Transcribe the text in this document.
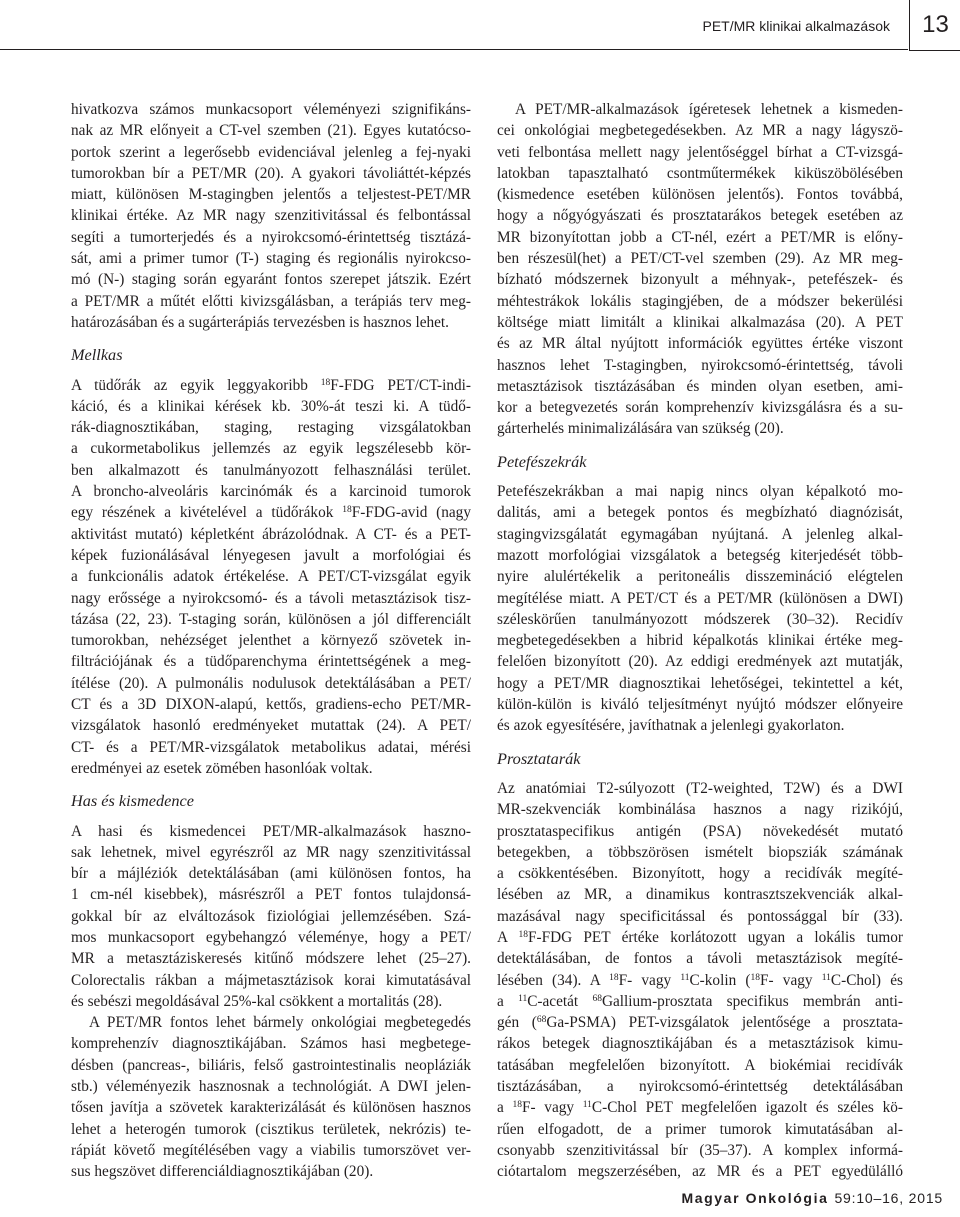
PET/MR klinikai alkalmazások 13
hivatkozva számos munkacsoport véleményezi szignifikáns-
nak az MR előnyeit a CT-vel szemben (21). Egyes kutatócso-
portok szerint a legerősebb evidenciával jelenleg a fej-nyaki
tumorokban bír a PET/MR (20). A gyakori távoliáttét-képzés
miatt, különösen M-stagingben jelentős a teljestest-PET/MR
klinikai értéke. Az MR nagy szenzitivitással és felbontással
segíti a tumorterjedés és a nyirokcsomó-érintettség tisztázá-
sát, ami a primer tumor (T-) staging és regionális nyirokcso-
mó (N-) staging során egyaránt fontos szerepet játszik. Ezért
a PET/MR a műtét előtti kivizsgálásban, a terápiás terv meg-
határozásában és a sugárterápiás tervezésben is hasznos lehet.
Mellkas
A tüdőrák az egyik leggyakoribb $^{18}$F-FDG PET/CT-indi-
káció, és a klinikai kérések kb. 30%-át teszi ki. A tüdő-
rák-diagnosztikában, staging, restaging vizsgálatokban
a cukormetabolikus jellemzés az egyik legszélesebb kör-
ben alkalmazott és tanulmányozott felhasználási terület.
A broncho-alveoláris karcinómák és a karcinoid tumorok
egy részének a kivételével a tüdőrákok $^{18}$F-FDG-avid (nagy
aktivitást mutató) képletként ábrázolódnak. A CT- és a PET-
képek fuzionálásával lényegesen javult a morfológiai és
a funkcionális adatok értékelése. A PET/CT-vizsgálat egyik
nagy erőssége a nyirokcsomó- és a távoli metasztázisok tisz-
tázása (22, 23). T-staging során, különösen a jól differenciált
tumorokban, nehézséget jelenthet a környező szövetek in-
filtrációjának és a tüdőparenchyma érintettségének a meg-
ítélése (20). A pulmonális nodulusok detektálásában a PET/
CT és a 3D DIXON-alapú, kettős, gradiens-echo PET/MR-
vizsgálatok hasonló eredményeket mutattak (24). A PET/
CT- és a PET/MR-vizsgálatok metabolikus adatai, mérési
eredményei az esetek zömében hasonlóak voltak.
Has és kismedence
A hasi és kismedencei PET/MR-alkalmazások haszno-
sak lehetnek, mivel egyrészről az MR nagy szenzitivitással
bír a májléziók detektálásában (ami különösen fontos, ha
1 cm-nél kisebbek), másrészről a PET fontos tulajdonsá-
gokkal bír az elváltozások fiziológiai jellemzésében. Szá-
mos munkacsoport egybehangzó véleménye, hogy a PET/
MR a metasztáziskeresés kitűnő módszere lehet (25–27).
Colorectalis rákban a májmetasztázisok korai kimutatásával
és sebészi megoldásával 25%-kal csökkent a mortalitás (28).
A PET/MR fontos lehet bármely onkológiai megbetegedés
komprehenzív diagnosztikájában. Számos hasi megbetege-
désben (pancreas-, biliáris, felső gastrointestinalis neopláziák
stb.) véleményezik hasznosnak a technológiát. A DWI jelen-
tősen javítja a szövetek karakterizálását és különösen hasznos
lehet a heterogén tumorok (cisztikus területek, nekrózis) te-
rápiát követő megítélésében vagy a viabilis tumorszövet ver-
sus hegszövet differenciáldiagnosztikájában (20).
A PET/MR-alkalmazások ígéretesek lehetnek a kismeden-
cei onkológiai megbetegedésekben. Az MR a nagy lágyszö-
veti felbontása mellett nagy jelentőséggel bírhat a CT-vizsgá-
latokban tapasztalható csontműtermékek kiküszöbölésében
(kismedence esetében különösen jelentős). Fontos továbbá,
hogy a nőgyógyászati és prosztatarákos betegek esetében az
MR bizonyítottan jobb a CT-nél, ezért a PET/MR is előny-
ben részesül(het) a PET/CT-vel szemben (29). Az MR meg-
bízható módszernek bizonyult a méhnyak-, petefészek- és
méhtestrákok lokális stagingjében, de a módszer bekerülési
költsége miatt limitált a klinikai alkalmazása (20). A PET
és az MR által nyújtott információk együttes értéke viszont
hasznos lehet T-stagingben, nyirokcsomó-érintettség, távoli
metasztázisok tisztázásában és minden olyan esetben, ami-
kor a betegvezetés során komprehenzív kivizsgálásra és a su-
gárterhelés minimalizálására van szükség (20).
Petefészekrák
Petefészekrákban a mai napig nincs olyan képalkotó mo-
dalitás, ami a betegek pontos és megbízható diagnózisát,
stagingvizsgálatát egymagában nyújtaná. A jelenleg alkal-
mazott morfológiai vizsgálatok a betegség kiterjedését több-
nyire alulértékelik a peritoneális disszemináció elégtelen
megítélése miatt. A PET/CT és a PET/MR (különösen a DWI)
széleskörűen tanulmányozott módszerek (30–32). Recidív
megbetegedésekben a hibrid képalkotás klinikai értéke meg-
felelően bizonyított (20). Az eddigi eredmények azt mutatják,
hogy a PET/MR diagnosztikai lehetőségei, tekintettel a két,
külön-külön is kiváló teljesítményt nyújtó módszer előnyeire
és azok egyesítésére, javíthatnak a jelenlegi gyakorlaton.
Prosztatarák
Az anatómiai T2-súlyozott (T2-weighted, T2W) és a DWI
MR-szekvenciák kombinálása hasznos a nagy rizikójú,
prosztataspecifikus antigén (PSA) növekedését mutató
betegekben, a többszörösen ismételt biopsziák számának
a csökkentésében. Bizonyított, hogy a recidívák megíté-
lésében az MR, a dinamikus kontrasztszekvenciák alkal-
mazásával nagy specificitással és pontossággal bír (33).
A $^{18}$F-FDG PET értéke korlátozott ugyan a lokális tumor
detektálásában, de fontos a távoli metasztázisok megíté-
lésében (34). A $^{18}$F- vagy $^{11}$C-kolin ($^{18}$F- vagy $^{11}$C-Chol) és
a $^{11}$C-acetát $^{68}$Gallium-prosztata specifikus membrán anti-
gén ($^{68}$Ga-PSMA) PET-vizsgálatok jelentősége a prosztata-
rákos betegek diagnosztikájában és a metasztázisok kimu-
tatásában megfelelően bizonyított. A biokémiai recidívák
tisztázásában, a nyirokcsomó-érintettség detektálásában
a $^{18}$F- vagy $^{11}$C-Chol PET megfelelően igazolt és széles kö-
rűen elfogadott, de a primer tumorok kimutatásában al-
csonyabb szenzitivitással bír (35–37). A komplex informá-
ciótartalom megszerzésében, az MR és a PET egyedülálló
Magyar Onkológia 59:10–16, 2015
